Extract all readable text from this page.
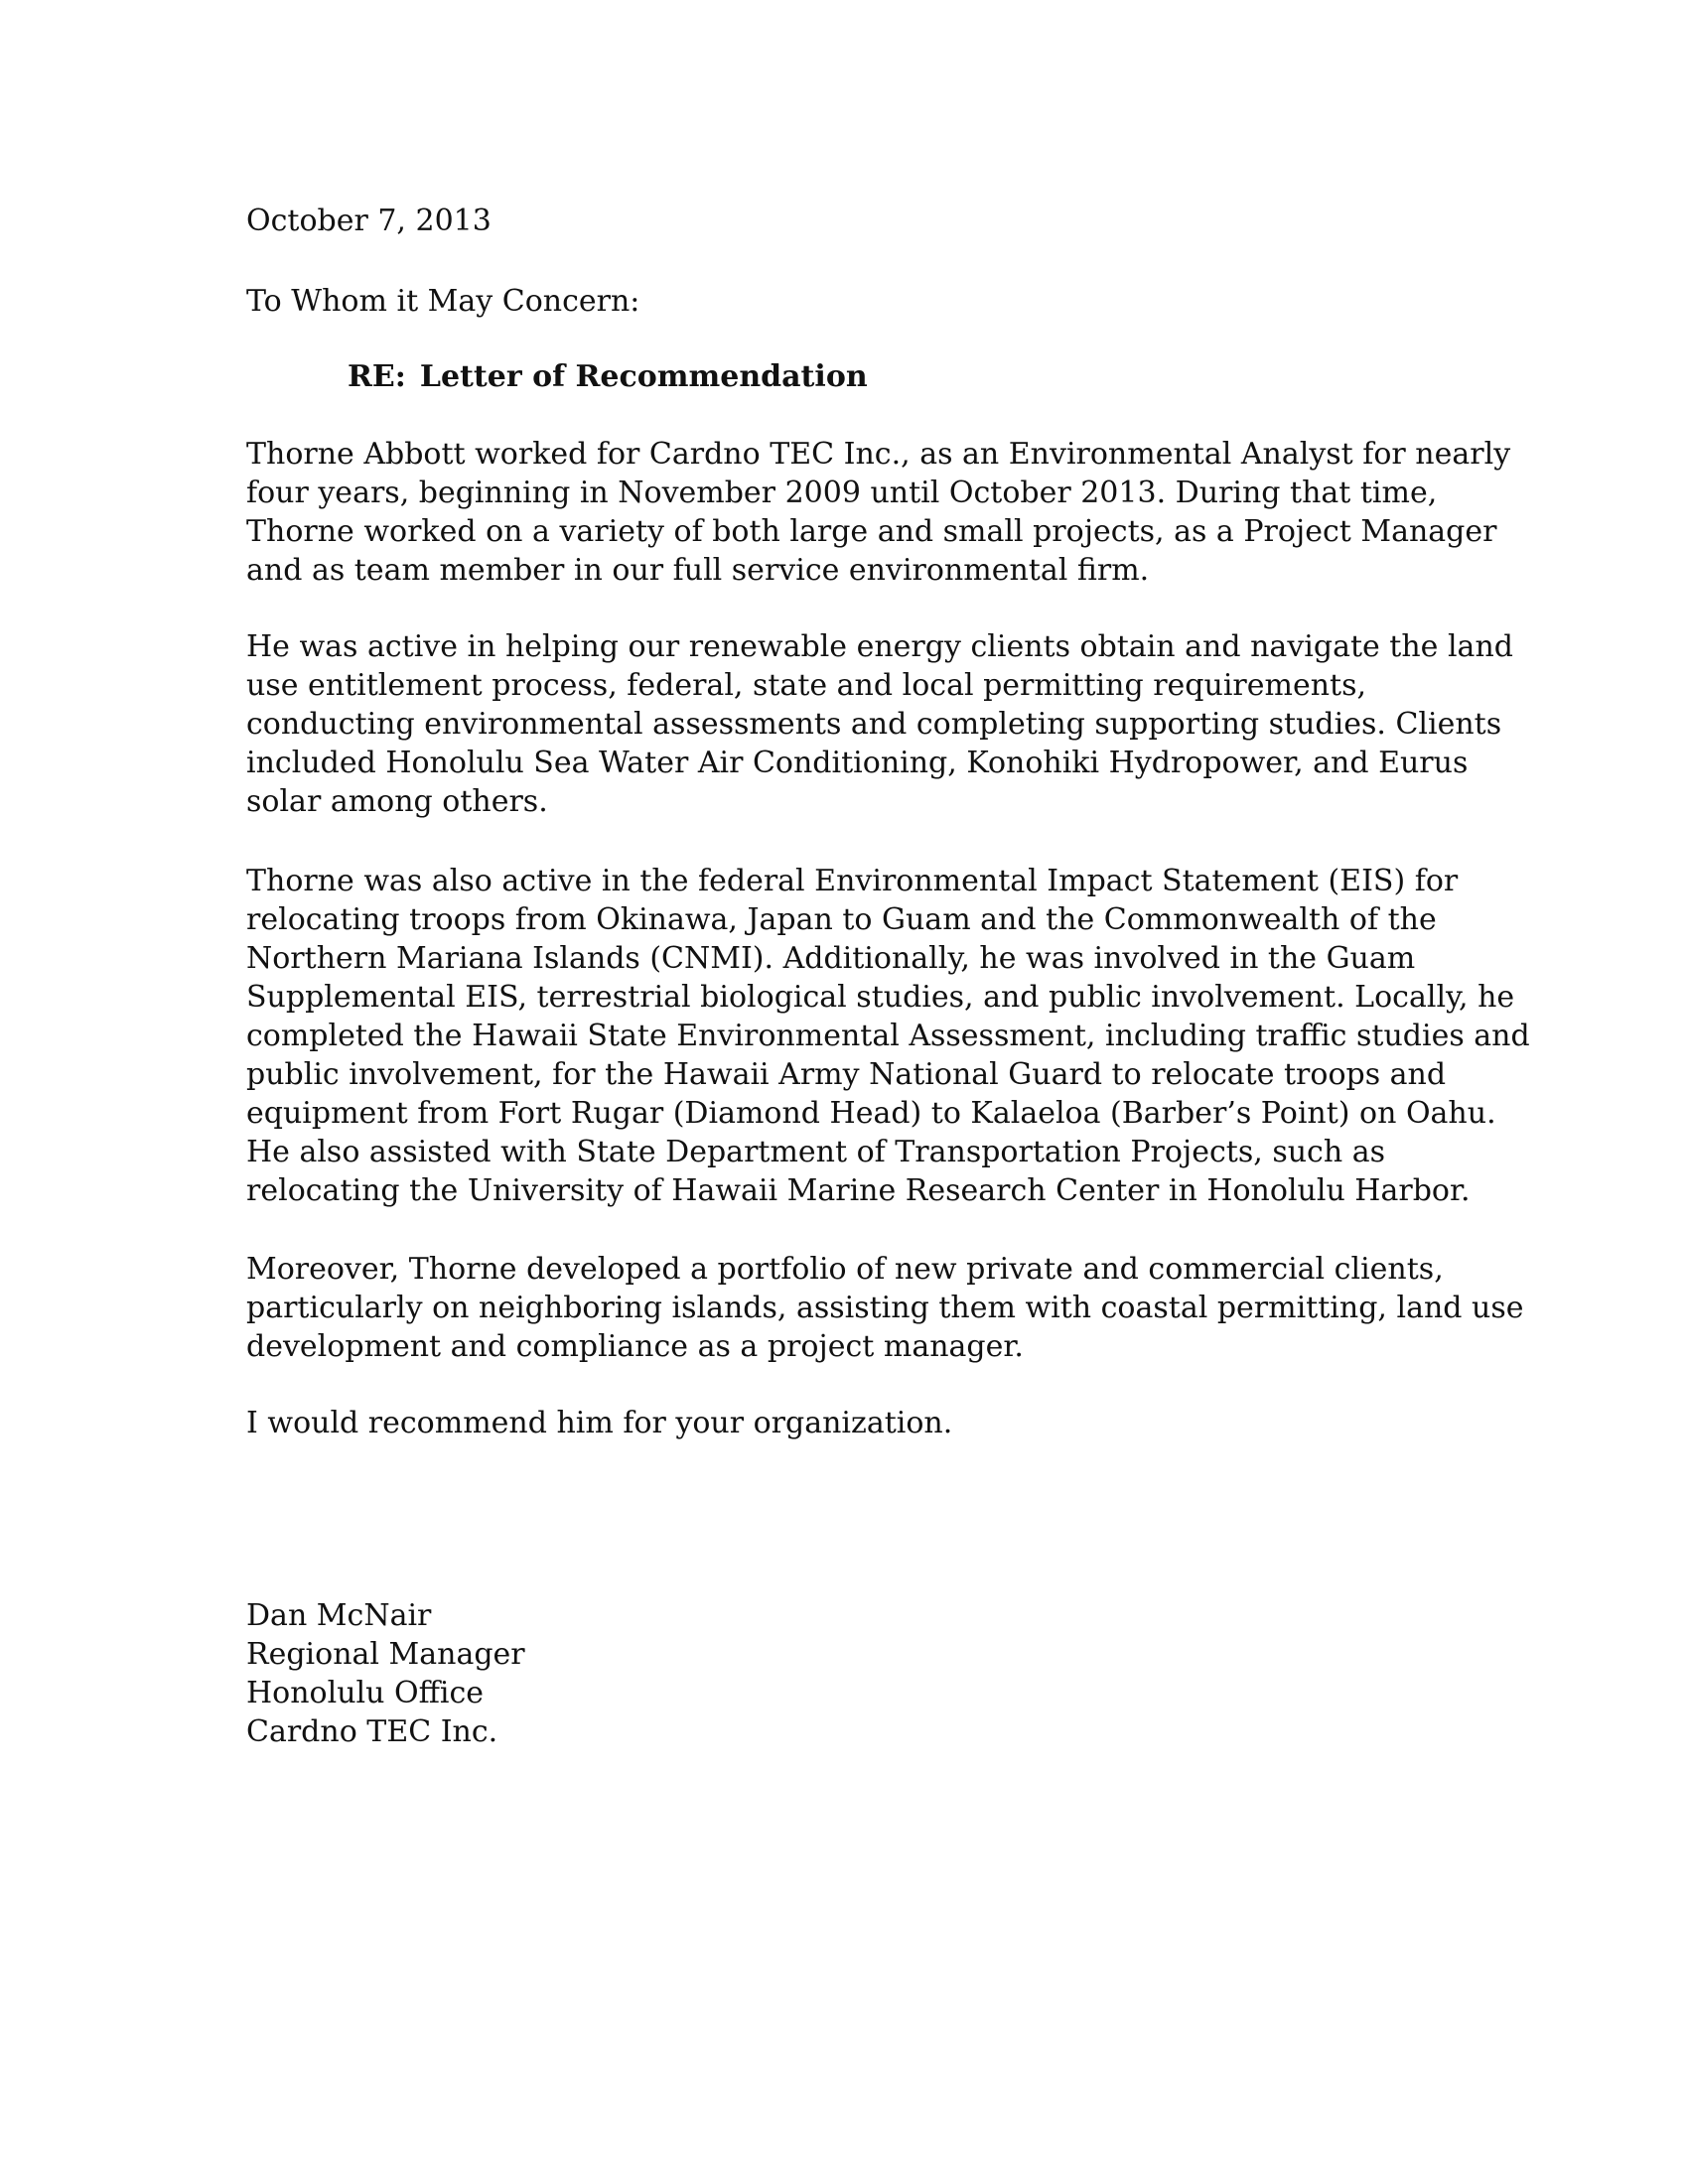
October 7, 2013

To Whom it May Concern:

RE: Letter of Recommendation

Thorne Abbott worked for Cardno TEC Inc., as an Environmental Analyst for nearly
four years, beginning in November 2009 until October 2013. During that time,
Thorne worked on a variety of both large and small projects, as a Project Manager
and as team member in our full service environmental firm.

He was active in helping our renewable energy clients obtain and navigate the land
use entitlement process, federal, state and local permitting requirements,
conducting environmental assessments and completing supporting studies. Clients
included Honolulu Sea Water Air Conditioning, Konohiki Hydropower, and Eurus
solar among others.

Thorne was also active in the federal Environmental Impact Statement (EIS) for
relocating troops from Okinawa, Japan to Guam and the Commonwealth of the
Northern Mariana Islands (CNMI). Additionally, he was involved in the Guam
Supplemental EIS, terrestrial biological studies, and public involvement. Locally, he
completed the Hawaii State Environmental Assessment, including traffic studies and
public involvement, for the Hawaii Army National Guard to relocate troops and
equipment from Fort Rugar (Diamond Head) to Kalaeloa (Barber’s Point) on Oahu.
He also assisted with State Department of Transportation Projects, such as
relocating the University of Hawaii Marine Research Center in Honolulu Harbor.

Moreover, Thorne developed a portfolio of new private and commercial clients,
particularly on neighboring islands, assisting them with coastal permitting, land use
development and compliance as a project manager.

I would recommend him for your organization.

Dan McNair
Regional Manager
Honolulu Office
Cardno TEC Inc.
